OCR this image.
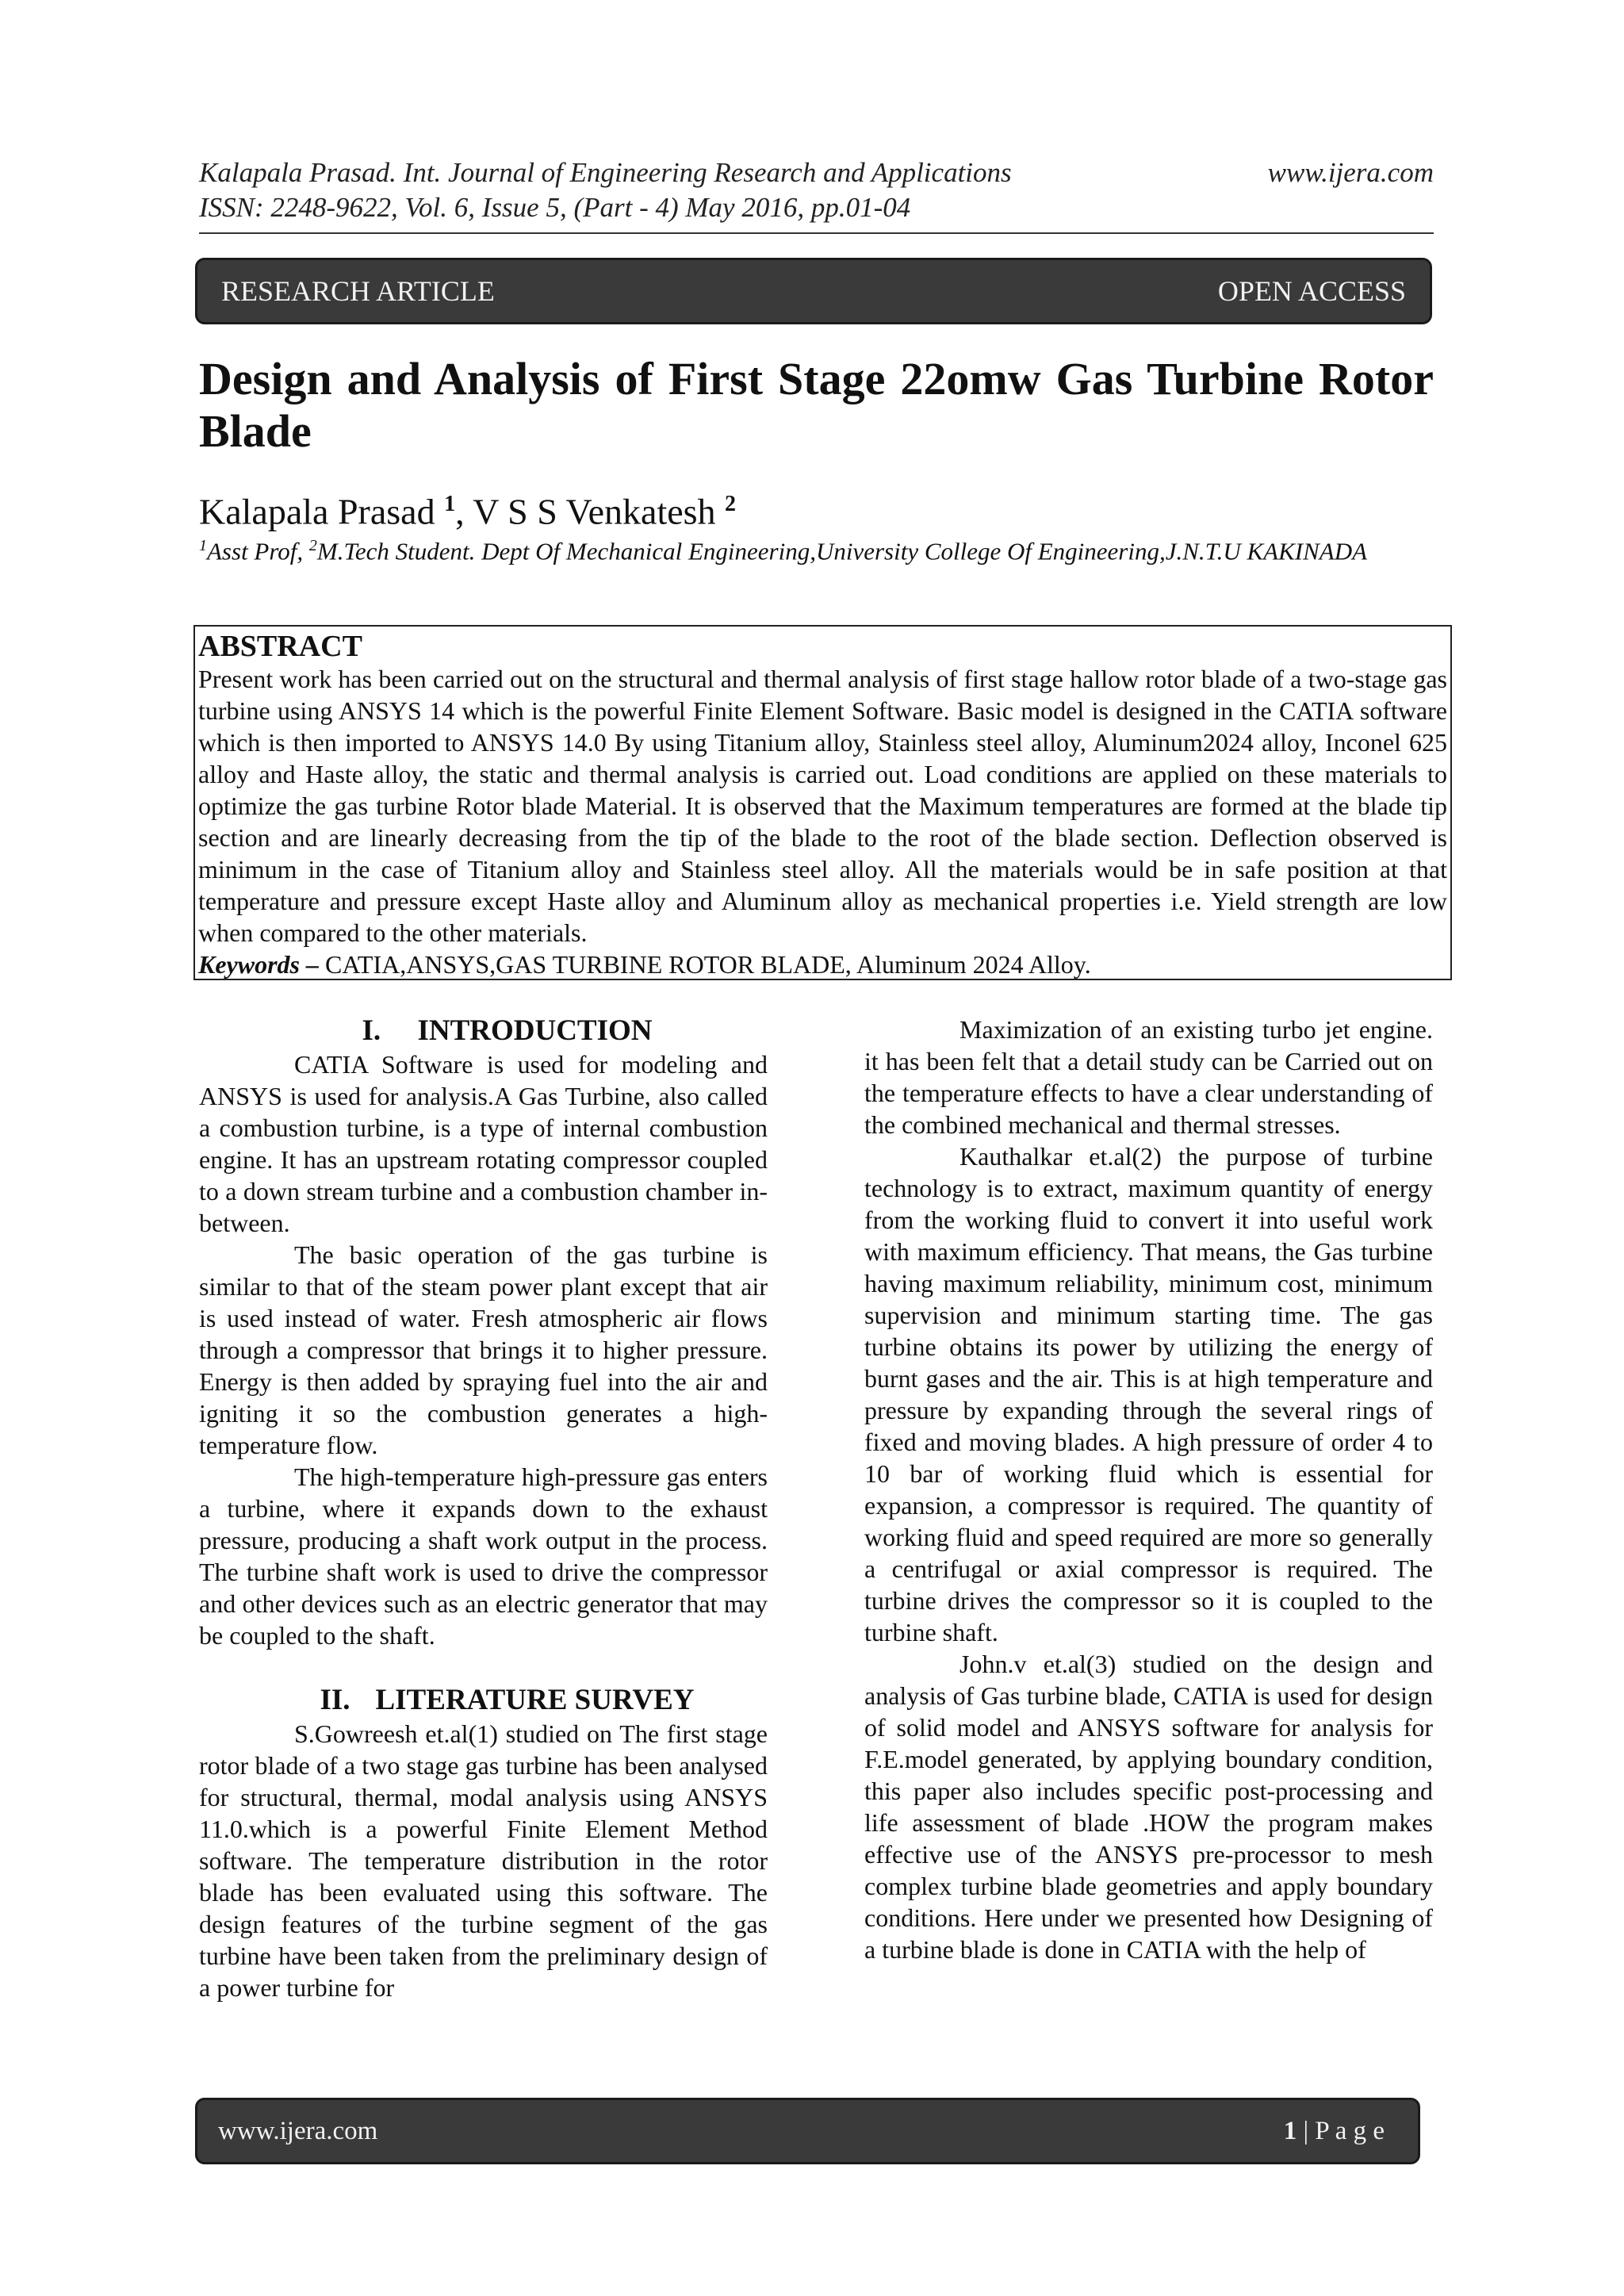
Kalapala Prasad. Int. Journal of Engineering Research and Applications
ISSN: 2248-9622, Vol. 6, Issue 5, (Part - 4) May 2016, pp.01-04
www.ijera.com
RESEARCH ARTICLE	OPEN ACCESS
Design and Analysis of First Stage 22omw Gas Turbine Rotor Blade
Kalapala Prasad $^1$, V S S Venkatesh $^2$
$^1$Asst Prof, $^2$M.Tech Student. Dept Of Mechanical Engineering,University College Of Engineering,J.N.T.U KAKINADA

ABSTRACT

Present work has been carried out on the structural and thermal analysis of first stage hallow rotor blade of a two-stage gas turbine using ANSYS 14 which is the powerful Finite Element Software. Basic model is designed in the CATIA software which is then imported to ANSYS 14.0 By using Titanium alloy, Stainless steel alloy, Aluminum2024 alloy, Inconel 625 alloy and Haste alloy, the static and thermal analysis is carried out. Load conditions are applied on these materials to optimize the gas turbine Rotor blade Material. It is observed that the Maximum temperatures are formed at the blade tip section and are linearly decreasing from the tip of the blade to the root of the blade section. Deflection observed is minimum in the case of Titanium alloy and Stainless steel alloy. All the materials would be in safe position at that temperature and pressure except Haste alloy and Aluminum alloy as mechanical properties i.e. Yield strength are low when compared to the other materials.

Keywords – CATIA,ANSYS,GAS TURBINE ROTOR BLADE, Aluminum 2024 Alloy.

I. INTRODUCTION

CATIA Software is used for modeling and ANSYS is used for analysis.A Gas Turbine, also called a combustion turbine, is a type of internal combustion engine. It has an upstream rotating compressor coupled to a down stream turbine and a combustion chamber in-between.

The basic operation of the gas turbine is similar to that of the steam power plant except that air is used instead of water. Fresh atmospheric air flows through a compressor that brings it to higher pressure. Energy is then added by spraying fuel into the air and igniting it so the combustion generates a high-temperature flow.

The high-temperature high-pressure gas enters a turbine, where it expands down to the exhaust pressure, producing a shaft work output in the process. The turbine shaft work is used to drive the compressor and other devices such as an electric generator that may be coupled to the shaft.

II. LITERATURE SURVEY

S.Gowreesh et.al(1) studied on The first stage rotor blade of a two stage gas turbine has been analysed for structural, thermal, modal analysis using ANSYS 11.0.which is a powerful Finite Element Method software. The temperature distribution in the rotor blade has been evaluated using this software. The design features of the turbine segment of the gas turbine have been taken from the preliminary design of a power turbine for

Maximization of an existing turbo jet engine. it has been felt that a detail study can be Carried out on the temperature effects to have a clear understanding of the combined mechanical and thermal stresses.

Kauthalkar et.al(2) the purpose of turbine technology is to extract, maximum quantity of energy from the working fluid to convert it into useful work with maximum efficiency. That means, the Gas turbine having maximum reliability, minimum cost, minimum supervision and minimum starting time. The gas turbine obtains its power by utilizing the energy of burnt gases and the air. This is at high temperature and pressure by expanding through the several rings of fixed and moving blades. A high pressure of order 4 to 10 bar of working fluid which is essential for expansion, a compressor is required. The quantity of working fluid and speed required are more so generally a centrifugal or axial compressor is required. The turbine drives the compressor so it is coupled to the turbine shaft.

John.v et.al(3) studied on the design and analysis of Gas turbine blade, CATIA is used for design of solid model and ANSYS software for analysis for F.E.model generated, by applying boundary condition, this paper also includes specific post-processing and life assessment of blade .HOW the program makes effective use of the ANSYS pre-processor to mesh complex turbine blade geometries and apply boundary conditions. Here under we presented how Designing of a turbine blade is done in CATIA with the help of

www.ijera.com	1 | P a g e
